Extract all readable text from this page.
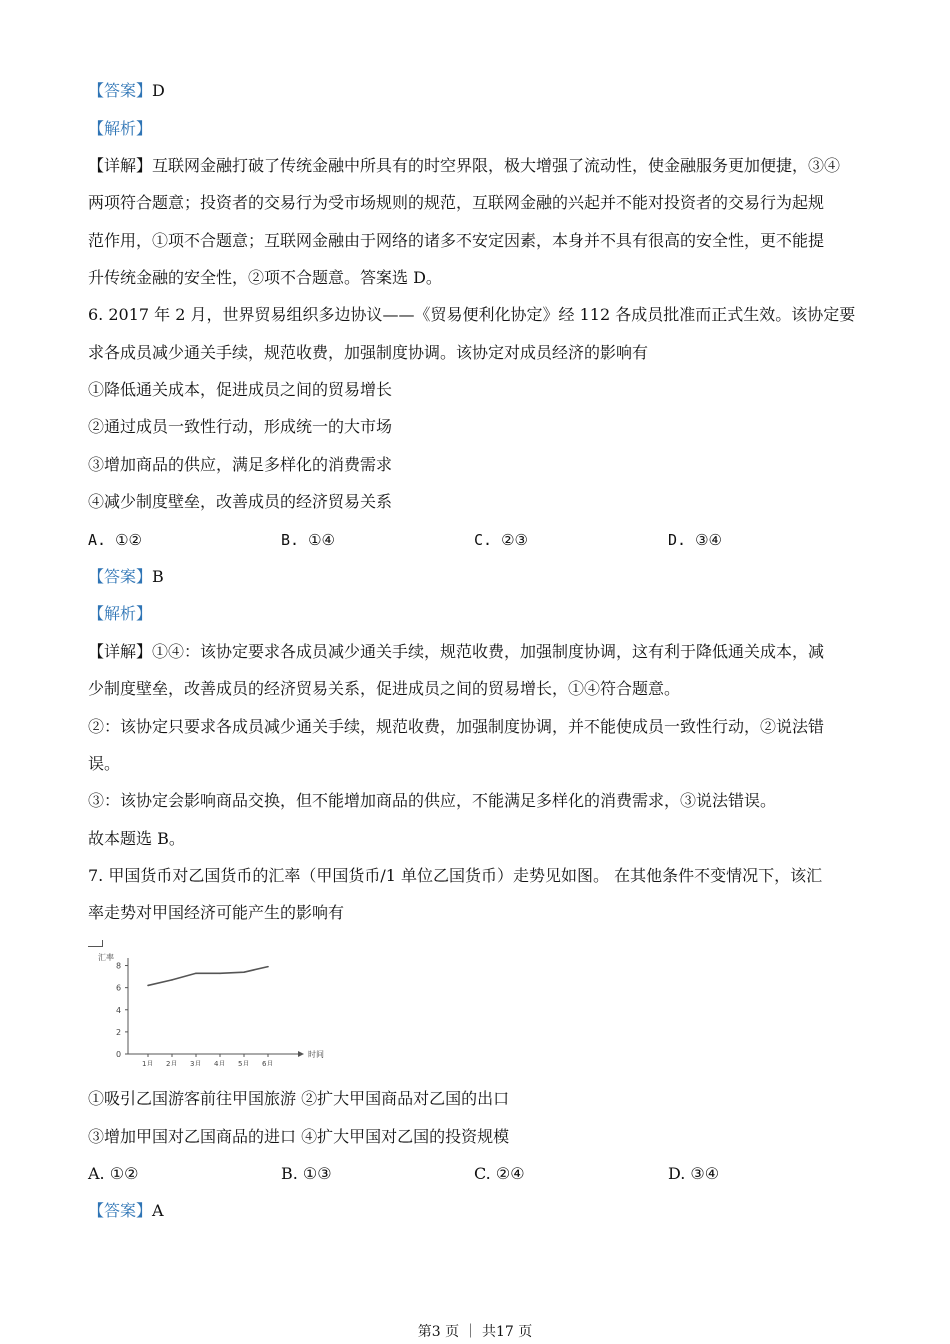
【答案】D
【解析】
【详解】互联网金融打破了传统金融中所具有的时空界限，极大增强了流动性，使金融服务更加便捷，③④
两项符合题意；投资者的交易行为受市场规则的规范，互联网金融的兴起并不能对投资者的交易行为起规
范作用，①项不合题意；互联网金融由于网络的诸多不安定因素，本身并不具有很高的安全性，更不能提
升传统金融的安全性，②项不合题意。答案选 D。
6. 2017 年 2 月，世界贸易组织多边协议——《贸易便利化协定》经 112 各成员批准而正式生效。该协定要
求各成员减少通关手续，规范收费，加强制度协调。该协定对成员经济的影响有
①降低通关成本，促进成员之间的贸易增长
②通过成员一致性行动，形成统一的大市场
③增加商品的供应，满足多样化的消费需求
④减少制度壁垒，改善成员的经济贸易关系
A. ①②	B. ①④	C. ②③	D. ③④
【答案】B
【解析】
【详解】①④：该协定要求各成员减少通关手续，规范收费，加强制度协调，这有利于降低通关成本，减
少制度壁垒，改善成员的经济贸易关系，促进成员之间的贸易增长，①④符合题意。
②：该协定只要求各成员减少通关手续，规范收费，加强制度协调，并不能使成员一致性行动，②说法错
误。
③：该协定会影响商品交换，但不能增加商品的供应，不能满足多样化的消费需求，③说法错误。
故本题选 B。
7. 甲国货币对乙国货币的汇率（甲国货币/1 单位乙国货币）走势见如图。 在其他条件不变情况下，该汇
率走势对甲国经济可能产生的影响有
汇率
时间
0
2
4
6
8
1月 2月 3月 4月 5月 6月
①吸引乙国游客前往甲国旅游 ②扩大甲国商品对乙国的出口
③增加甲国对乙国商品的进口 ④扩大甲国对乙国的投资规模
A. ①②	B. ①③	C. ②④	D. ③④
【答案】A
第3 页 ｜ 共17 页
